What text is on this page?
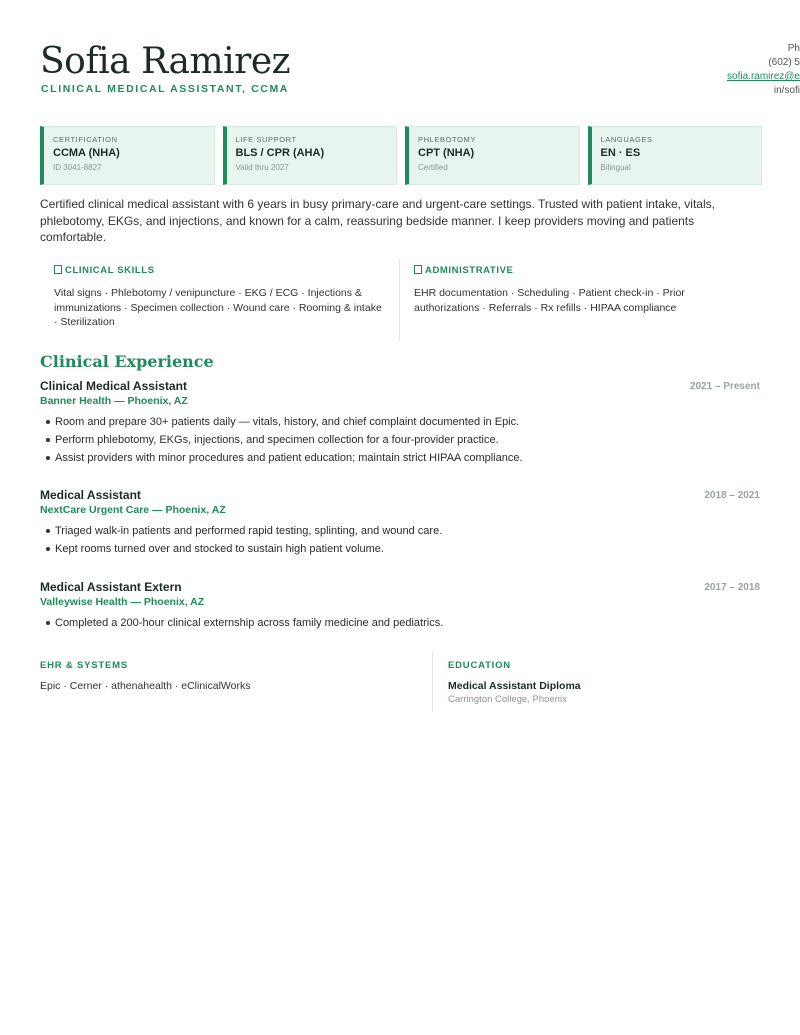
Sofia Ramirez
CLINICAL MEDICAL ASSISTANT, CCMA
Ph
(602) 5
sofia.ramirez@e
in/sofi
CERTIFICATION
CCMA (NHA)
ID 3041-8827
LIFE SUPPORT
BLS / CPR (AHA)
Valid thru 2027
PHLEBOTOMY
CPT (NHA)
Certified
LANGUAGES
EN · ES
Bilingual
Certified clinical medical assistant with 6 years in busy primary-care and urgent-care settings. Trusted with patient intake, vitals, phlebotomy, EKGs, and injections, and known for a calm, reassuring bedside manner. I keep providers moving and patients comfortable.
CLINICAL SKILLS
Vital signs · Phlebotomy / venipuncture · EKG / ECG · Injections & immunizations · Specimen collection · Wound care · Rooming & intake · Sterilization
ADMINISTRATIVE
EHR documentation · Scheduling · Patient check-in · Prior authorizations · Referrals · Rx refills · HIPAA compliance
Clinical Experience
Clinical Medical Assistant	2021 – Present
Banner Health — Phoenix, AZ
Room and prepare 30+ patients daily — vitals, history, and chief complaint documented in Epic.
Perform phlebotomy, EKGs, injections, and specimen collection for a four-provider practice.
Assist providers with minor procedures and patient education; maintain strict HIPAA compliance.
Medical Assistant	2018 – 2021
NextCare Urgent Care — Phoenix, AZ
Triaged walk-in patients and performed rapid testing, splinting, and wound care.
Kept rooms turned over and stocked to sustain high patient volume.
Medical Assistant Extern	2017 – 2018
Valleywise Health — Phoenix, AZ
Completed a 200-hour clinical externship across family medicine and pediatrics.
EHR & SYSTEMS
Epic · Cerner · athenahealth · eClinicalWorks
EDUCATION
Medical Assistant Diploma
Carrington College, Phoenix
